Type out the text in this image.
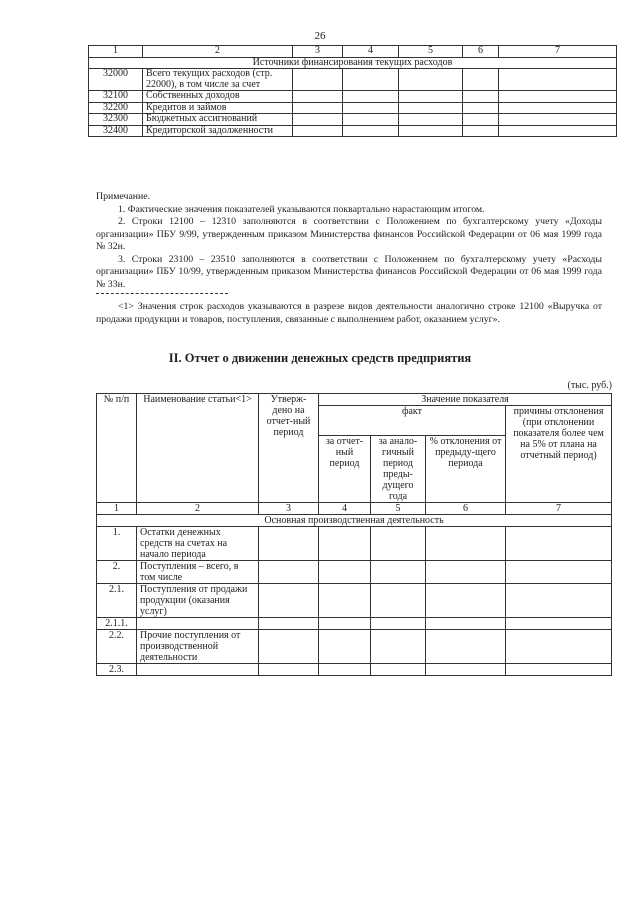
26
1	2	3	4	5	6	7
Источники финансирования текущих расходов						
32000	Всего текущих расходов (стр. 22000), в том числе за счет					
32100	Собственных доходов					
32200	Кредитов и займов					
32300	Бюджетных ассигнований					
32400	Кредиторской задолженности					

Примечание.

1. Фактические значения показателей указываются поквартально нарастающим итогом.

2. Строки 12100 – 12310 заполняются в соответствии с Положением по бухгалтерскому учету «Доходы организации» ПБУ 9/99, утвержденным приказом Министерства финансов Российской Федерации от 06 мая 1999 года № 32н.

3. Строки 23100 – 23510 заполняются в соответствии с Положением по бухгалтерскому учету «Расходы организации» ПБУ 10/99, утвержденным приказом Министерства финансов Российской Федерации от 06 мая 1999 года № 33н.

<1> Значения строк расходов указываются в разрезе видов деятельности аналогично строке 12100 «Выручка от продажи продукции и товаров, поступления, связанные с выполнением работ, оказанием услуг».

II. Отчет о движении денежных средств предприятия
(тыс. руб.)
№ п/п	Наименование статьи<1>	Утверж-дено на отчет-ный период	Значение показателя			
			факт			причины отклонения (при отклонении показателя более чем на 5% от плана на отчетный период)
			за отчет-ный период	за анало-гичный период преды-дущего года	% отклонения от предыду-щего периода	
1	2	3	4	5	6	7
Основная производственная деятельность						
1.	Остатки денежных средств на счетах на начало периода					
2.	Поступления – всего, в том числе					
2.1.	Поступления от продажи продукции (оказания услуг)					
2.1.1.						
2.2.	Прочие поступления от производственной деятельности					
2.3.						
